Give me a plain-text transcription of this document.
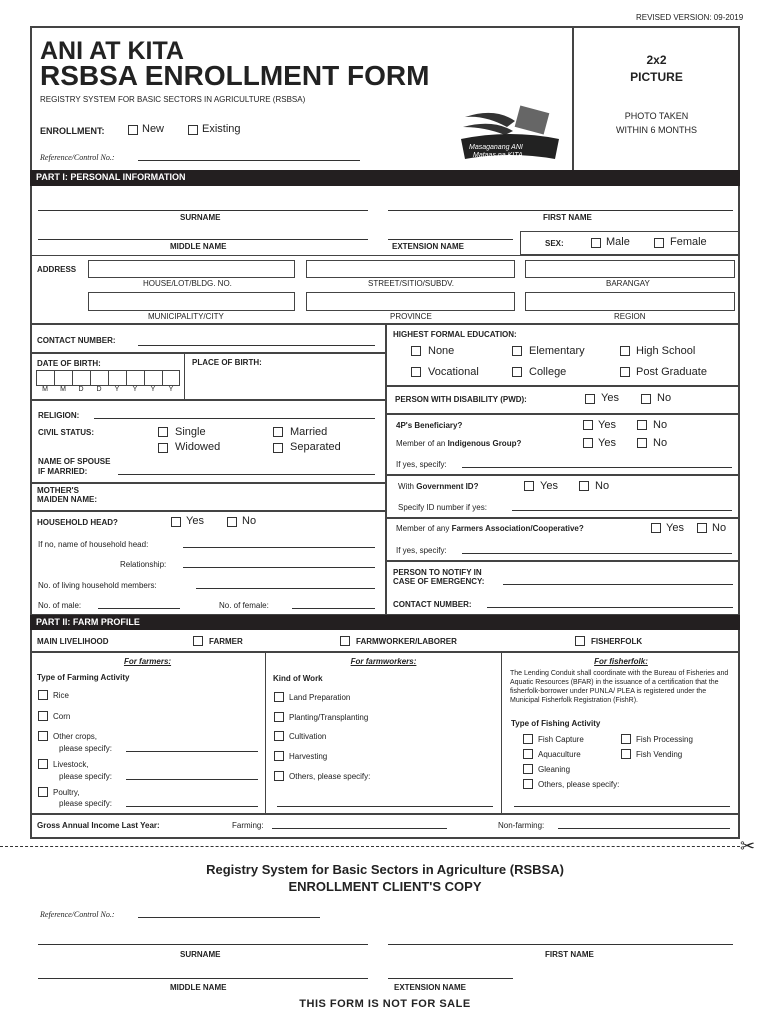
REVISED VERSION: 09-2019
ANI AT KITA
RSBSA ENROLLMENT FORM
REGISTRY SYSTEM FOR BASIC SECTORS IN AGRICULTURE (RSBSA)
ENROLLMENT:	New	Existing
Reference/Control No.:
Masaganang ANI
Mataas na KITA
2x2
PICTURE
PHOTO TAKEN
WITHIN 6 MONTHS
PART I: PERSONAL INFORMATION
SURNAME	FIRST NAME
MIDDLE NAME	EXTENSION NAME	SEX:	Male	Female
ADDRESS
HOUSE/LOT/BLDG. NO.	STREET/SITIO/SUBDV.	BARANGAY
MUNICIPALITY/CITY	PROVINCE	REGION
CONTACT NUMBER:
DATE OF BIRTH:	PLACE OF BIRTH:
M	M	D	D	Y	Y	Y	Y
RELIGION:
CIVIL STATUS:	Single	Married
Widowed	Separated
NAME OF SPOUSE
IF MARRIED:
MOTHER'S
MAIDEN NAME:
HOUSEHOLD HEAD?	Yes	No
If no, name of household head:
Relationship:
No. of living household members:
No. of male:	No. of female:
HIGHEST FORMAL EDUCATION:
None	Elementary	High School
Vocational	College	Post Graduate
PERSON WITH DISABILITY (PWD):	Yes	No
4P's Beneficiary?	Yes	No
Member of an Indigenous Group?	Yes	No
If yes, specify:
With Government ID?	Yes	No
Specify ID number if yes:
Member of any Farmers Association/Cooperative?	Yes	No
If yes, specify:
PERSON TO NOTIFY IN
CASE OF EMERGENCY:
CONTACT NUMBER:
PART II: FARM PROFILE
MAIN LIVELIHOOD	FARMER	FARMWORKER/LABORER	FISHERFOLK
For farmers:
Type of Farming Activity
Rice
Corn
Other crops,
please specify:
Livestock,
please specify:
Poultry,
please specify:
For farmworkers:
Kind of Work
Land Preparation
Planting/Transplanting
Cultivation
Harvesting
Others, please specify:
For fisherfolk:
The Lending Conduit shall coordinate with the Bureau of Fisheries and Aquatic Resources (BFAR) in the issuance of a certification that the fisherfolk-borrower under PUNLA/ PLEA is registered under the Municipal Fisherfolk Registration (FishR).
Type of Fishing Activity
Fish Capture	Fish Processing
Aquaculture	Fish Vending
Gleaning
Others, please specify:
Gross Annual Income Last Year:	Farming:	Non-farming:
✂
Registry System for Basic Sectors in Agriculture (RSBSA)
ENROLLMENT CLIENT'S COPY
Reference/Control No.:
SURNAME	FIRST NAME
MIDDLE NAME	EXTENSION NAME
THIS FORM IS NOT FOR SALE
